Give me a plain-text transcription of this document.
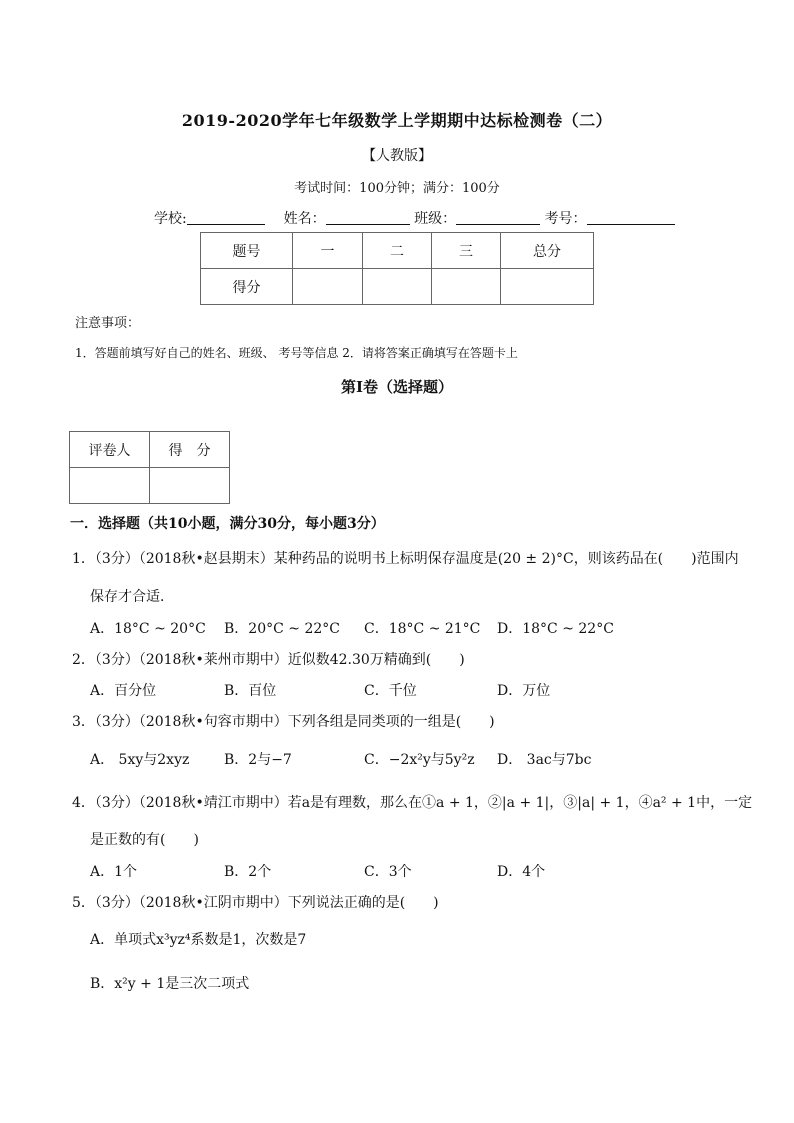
2019-2020学年七年级数学上学期期中达标检测卷（二）
【人教版】
考试时间：100分钟；满分：100分
学校:	姓名：	班级：	考号：
题号	一	二	三	总分
得分				
注意事项：
1．答题前填写好自己的姓名、班级、 考号等信息 2．请将答案正确填写在答题卡上
第I卷（选择题）
评卷人	得　分

一．选择题（共10小题，满分30分，每小题3分）
1．（3分）（2018秋•赵县期末）某种药品的说明书上标明保存温度是(20 ± 2)°C，则该药品在(　　)范围内
保存才合适．
A．18°C ~ 20°C B．20°C ~ 22°C C．18°C ~ 21°C D．18°C ~ 22°C
2．（3分）（2018秋•莱州市期中）近似数42.30万精确到(　　)
A．百分位	B．百位	C．千位	D．万位
3．（3分）（2018秋•句容市期中）下列各组是同类项的一组是(　　)
A． 5xy与2xyz B．2与−7	C．−2x²y与5y²z D． 3ac与7bc
4．（3分）（2018秋•靖江市期中）若a是有理数，那么在①a + 1，②|a + 1|，③|a| + 1，④a² + 1中，一定
是正数的有(　　)
A．1个	B．2个	C．3个	D．4个
5．（3分）（2018秋•江阴市期中）下列说法正确的是(　　)
A．单项式x³yz⁴系数是1，次数是7
B．x²y + 1是三次二项式
